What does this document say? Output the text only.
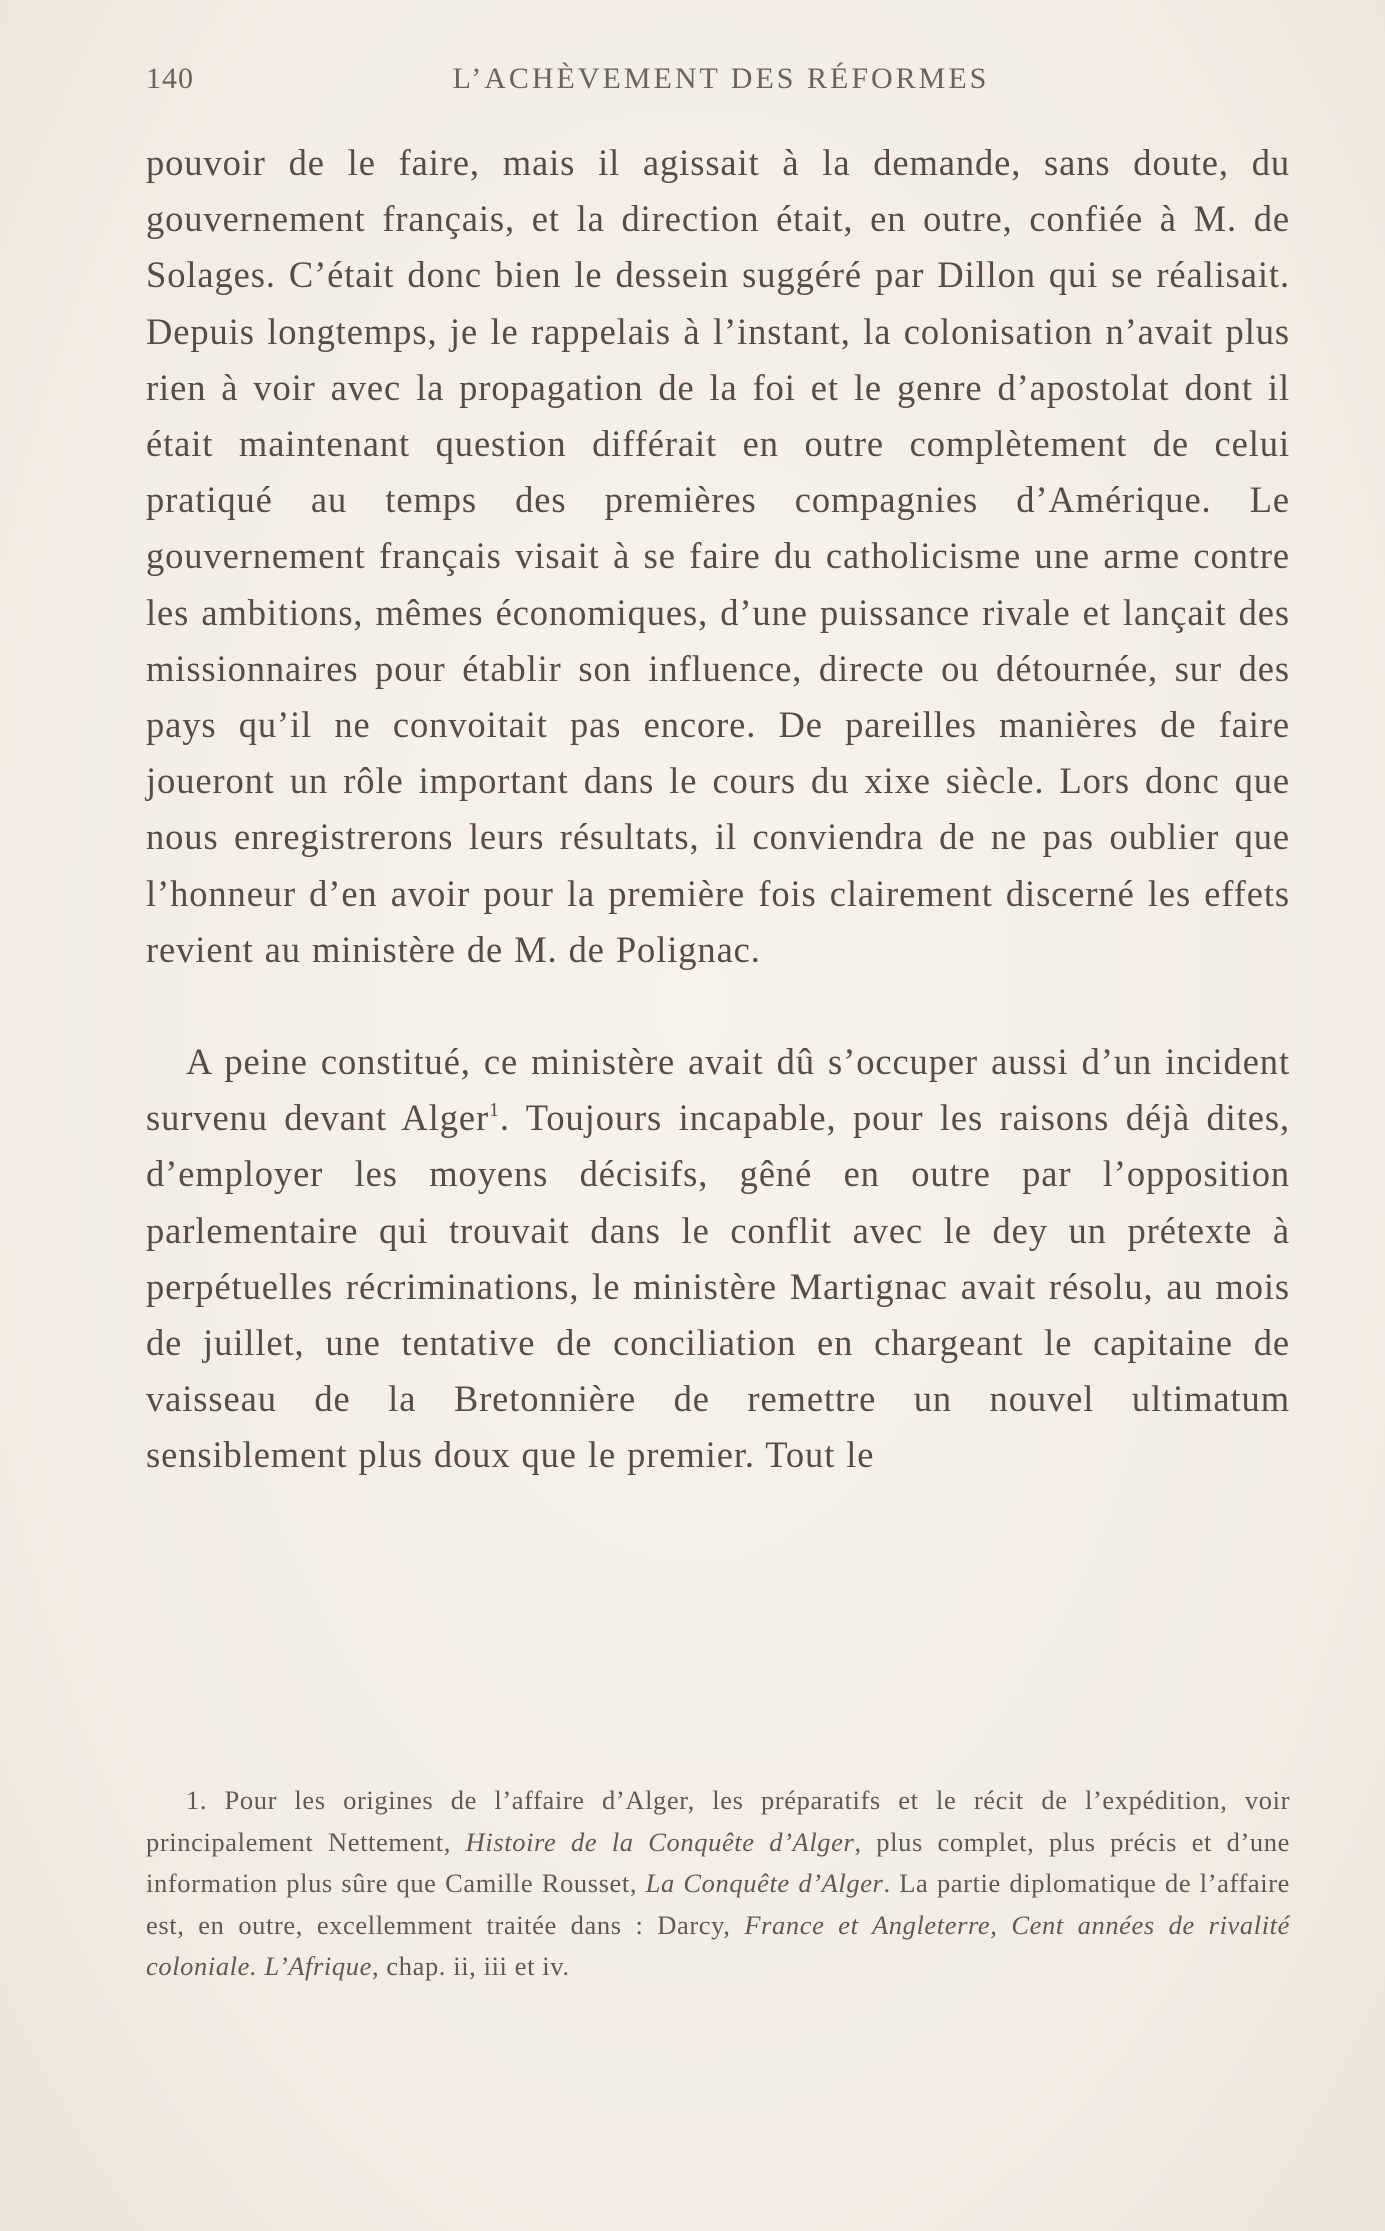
140	L’ACHÈVEMENT DES RÉFORMES

pouvoir de le faire, mais il agissait à la demande, sans doute, du gouvernement français, et la direction était, en outre, confiée à M. de Solages. C’était donc bien le dessein suggéré par Dillon qui se réalisait. Depuis longtemps, je le rappelais à l’instant, la colonisation n’avait plus rien à voir avec la propagation de la foi et le genre d’apostolat dont il était maintenant question différait en outre complètement de celui pratiqué au temps des premières compagnies d’Amérique. Le gouvernement français visait à se faire du catholicisme une arme contre les ambitions, mêmes économiques, d’une puissance rivale et lançait des missionnaires pour établir son influence, directe ou détournée, sur des pays qu’il ne convoitait pas encore. De pareilles manières de faire joueront un rôle important dans le cours du xixe siècle. Lors donc que nous enregistrerons leurs résultats, il conviendra de ne pas oublier que l’honneur d’en avoir pour la première fois clairement discerné les effets revient au ministère de M. de Polignac.

A peine constitué, ce ministère avait dû s’occuper aussi d’un incident survenu devant Alger$^1$. Toujours incapable, pour les raisons déjà dites, d’employer les moyens décisifs, gêné en outre par l’opposition parlementaire qui trouvait dans le conflit avec le dey un prétexte à perpétuelles récriminations, le ministère Martignac avait résolu, au mois de juillet, une tentative de conciliation en chargeant le capitaine de vaisseau de la Bretonnière de remettre un nouvel ultimatum sensiblement plus doux que le premier. Tout le

1. Pour les origines de l’affaire d’Alger, les préparatifs et le récit de l’expédition, voir principalement Nettement, Histoire de la Conquête d’Alger, plus complet, plus précis et d’une information plus sûre que Camille Rousset, La Conquête d’Alger. La partie diplomatique de l’affaire est, en outre, excellemment traitée dans : Darcy, France et Angleterre, Cent années de rivalité coloniale. L’Afrique, chap. ii, iii et iv.
